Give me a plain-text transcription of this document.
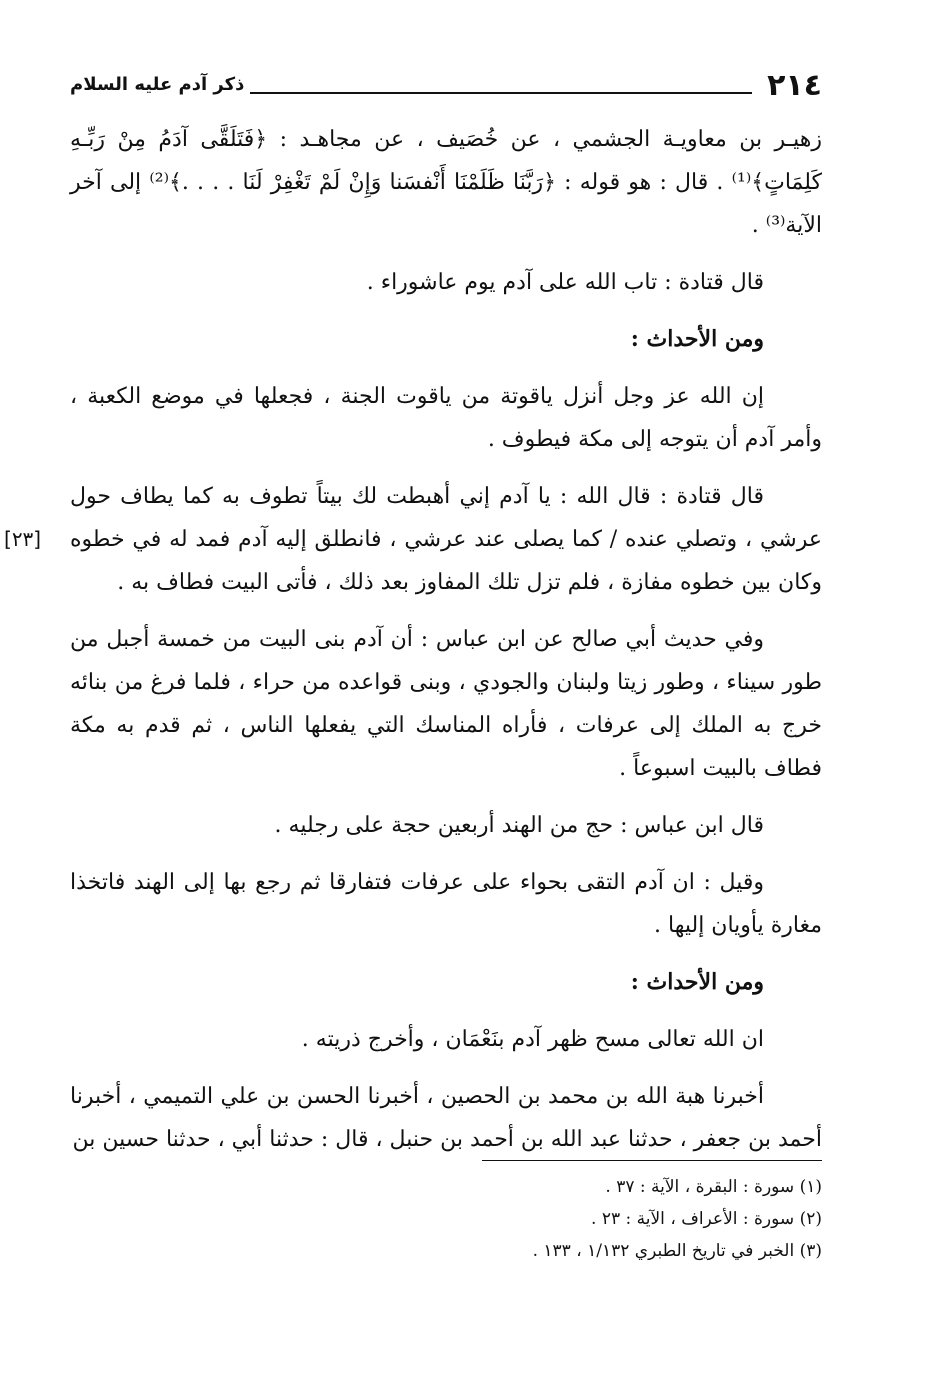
٢١٤
ذكر آدم عليه السلام

زهيـر بن معاويـة الجشمي ، عن خُصَيف ، عن مجاهـد : ﴿فَتَلَقَّى آدَمُ مِنْ رَبِّـهِ كَلِمَاتٍ﴾⁽¹⁾ . قال : هو قوله : ﴿رَبَّنَا ظَلَمْنَا أَنْفسَنا وَإِنْ لَمْ تَغْفِرْ لَنَا . . . .﴾⁽²⁾ إلى آخر الآية⁽³⁾ .

قال قتادة : تاب الله على آدم يوم عاشوراء .

ومن الأحداث :

إن الله عز وجل أنزل ياقوتة من ياقوت الجنة ، فجعلها في موضع الكعبة ، وأمر آدم أن يتوجه إلى مكة فيطوف .

[٢٣]

قال قتادة : قال الله : يا آدم إني أهبطت لك بيتاً تطوف به كما يطاف حول عرشي ، وتصلي عنده / كما يصلى عند عرشي ، فانطلق إليه آدم فمد له في خطوه وكان بين خطوه مفازة ، فلم تزل تلك المفاوز بعد ذلك ، فأتى البيت فطاف به .

وفي حديث أبي صالح عن ابن عباس : أن آدم بنى البيت من خمسة أجبل من طور سيناء ، وطور زيتا ولبنان والجودي ، وبنى قواعده من حراء ، فلما فرغ من بنائه خرج به الملك إلى عرفات ، فأراه المناسك التي يفعلها الناس ، ثم قدم به مكة فطاف بالبيت اسبوعاً .

قال ابن عباس : حج من الهند أربعين حجة على رجليه .

وقيل : ان آدم التقى بحواء على عرفات فتفارقا ثم رجع بها إلى الهند فاتخذا مغارة يأويان إليها .

ومن الأحداث :

ان الله تعالى مسح ظهر آدم بنَعْمَان ، وأخرج ذريته .

أخبرنا هبة الله بن محمد بن الحصين ، أخبرنا الحسن بن علي التميمي ، أخبرنا أحمد بن جعفر ، حدثنا عبد الله بن أحمد بن حنبل ، قال : حدثنا أبي ، حدثنا حسين بن

(١) سورة : البقرة ، الآية : ٣٧ .

(٢) سورة : الأعراف ، الآية : ٢٣ .

(٣) الخبر في تاريخ الطبري ١/١٣٢ ، ١٣٣ .
